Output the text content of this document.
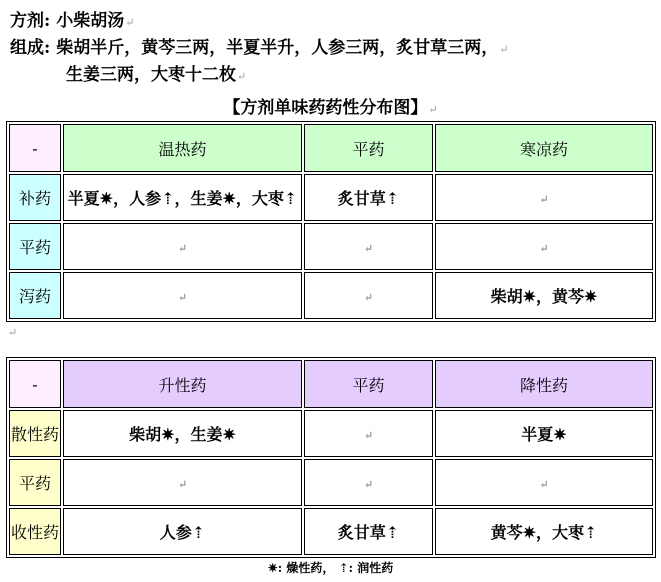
方剂: 小柴胡汤↵
组成: 柴胡半斤，黄芩三两，半夏半升，人参三两，炙甘草三两，↵
生姜三两，大枣十二枚↵
【方剂单味药药性分布图】↵
-	温热药	平药	寒凉药
补药	半夏✷，人参⇡，生姜✷，大枣⇡	炙甘草⇡	↵
平药	↵	↵	↵
泻药	↵	↵	柴胡✷，黄芩✷
↵
-	升性药	平药	降性药
散性药	柴胡✷，生姜✷	↵	半夏✷
平药	↵	↵	↵
收性药	人参⇡	炙甘草⇡	黄芩✷，大枣⇡
✷: 燥性药， ⇡: 润性药
